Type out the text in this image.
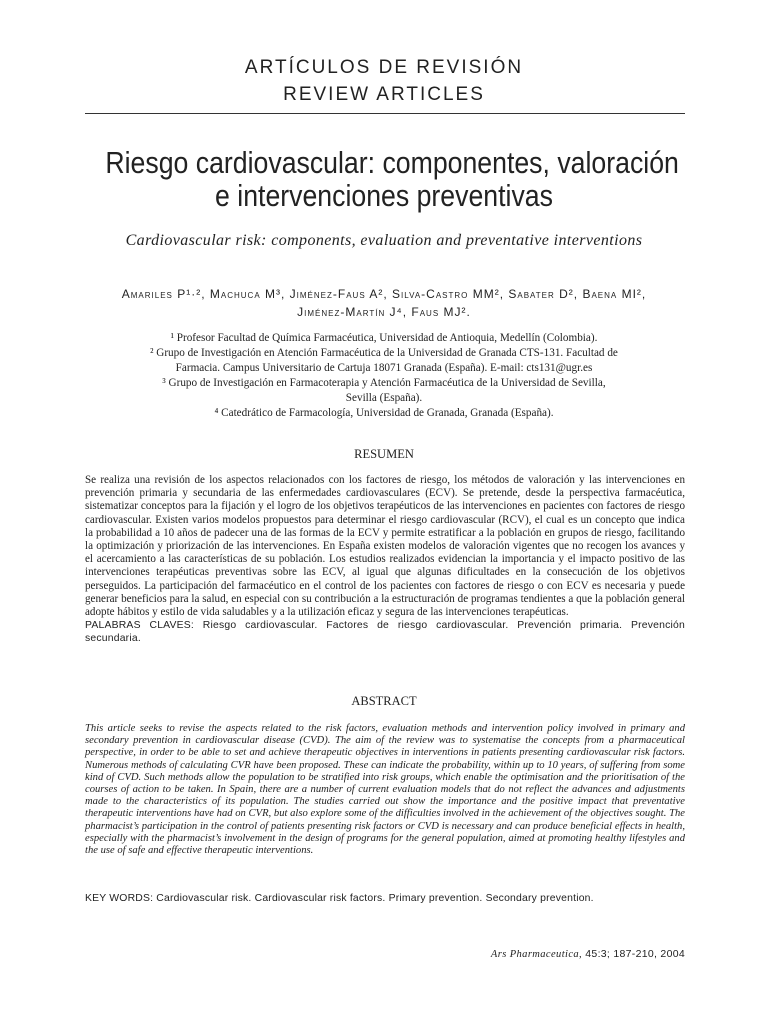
ARTÍCULOS DE REVISIÓN
REVIEW ARTICLES
Riesgo cardiovascular: componentes, valoración
e intervenciones preventivas
Cardiovascular risk: components, evaluation and preventative interventions
Amariles P¹·², Machuca M³, Jiménez-Faus A², Silva-Castro MM², Sabater D², Baena MI²,
Jiménez-Martín J⁴, Faus MJ².
¹ Profesor Facultad de Química Farmacéutica, Universidad de Antioquia, Medellín (Colombia).
² Grupo de Investigación en Atención Farmacéutica de la Universidad de Granada CTS-131. Facultad de
Farmacia. Campus Universitario de Cartuja 18071 Granada (España). E-mail: cts131@ugr.es
³ Grupo de Investigación en Farmacoterapia y Atención Farmacéutica de la Universidad de Sevilla,
Sevilla (España).
⁴ Catedrático de Farmacología, Universidad de Granada, Granada (España).
RESUMEN
Se realiza una revisión de los aspectos relacionados con los factores de riesgo, los métodos de valoración y las intervenciones en prevención primaria y secundaria de las enfermedades cardiovasculares (ECV). Se pretende, desde la perspectiva farmacéutica, sistematizar conceptos para la fijación y el logro de los objetivos terapéuticos de las intervenciones en pacientes con factores de riesgo cardiovascular. Existen varios modelos propuestos para determinar el riesgo cardiovascular (RCV), el cual es un concepto que indica la probabilidad a 10 años de padecer una de las formas de la ECV y permite estratificar a la población en grupos de riesgo, facilitando la optimización y priorización de las intervenciones. En España existen modelos de valoración vigentes que no recogen los avances y el acercamiento a las características de su población. Los estudios realizados evidencian la importancia y el impacto positivo de las intervenciones terapéuticas preventivas sobre las ECV, al igual que algunas dificultades en la consecución de los objetivos perseguidos. La participación del farmacéutico en el control de los pacientes con factores de riesgo o con ECV es necesaria y puede generar beneficios para la salud, en especial con su contribución a la estructuración de programas tendientes a que la población general adopte hábitos y estilo de vida saludables y a la utilización eficaz y segura de las intervenciones terapéuticas.
PALABRAS CLAVES: Riesgo cardiovascular. Factores de riesgo cardiovascular. Prevención primaria. Prevención secundaria.
ABSTRACT
This article seeks to revise the aspects related to the risk factors, evaluation methods and intervention policy involved in primary and secondary prevention in cardiovascular disease (CVD). The aim of the review was to systematise the concepts from a pharmaceutical perspective, in order to be able to set and achieve therapeutic objectives in interventions in patients presenting cardiovascular risk factors. Numerous methods of calculating CVR have been proposed. These can indicate the probability, within up to 10 years, of suffering from some kind of CVD. Such methods allow the population to be stratified into risk groups, which enable the optimisation and the prioritisation of the courses of action to be taken. In Spain, there are a number of current evaluation models that do not reflect the advances and adjustments made to the characteristics of its population. The studies carried out show the importance and the positive impact that preventative therapeutic interventions have had on CVR, but also explore some of the difficulties involved in the achievement of the objectives sought. The pharmacist’s participation in the control of patients presenting risk factors or CVD is necessary and can produce beneficial effects in health, especially with the pharmacist’s involvement in the design of programs for the general population, aimed at promoting healthy lifestyles and the use of safe and effective therapeutic interventions.
KEY WORDS: Cardiovascular risk. Cardiovascular risk factors. Primary prevention. Secondary prevention.
Ars Pharmaceutica, 45:3; 187-210, 2004
